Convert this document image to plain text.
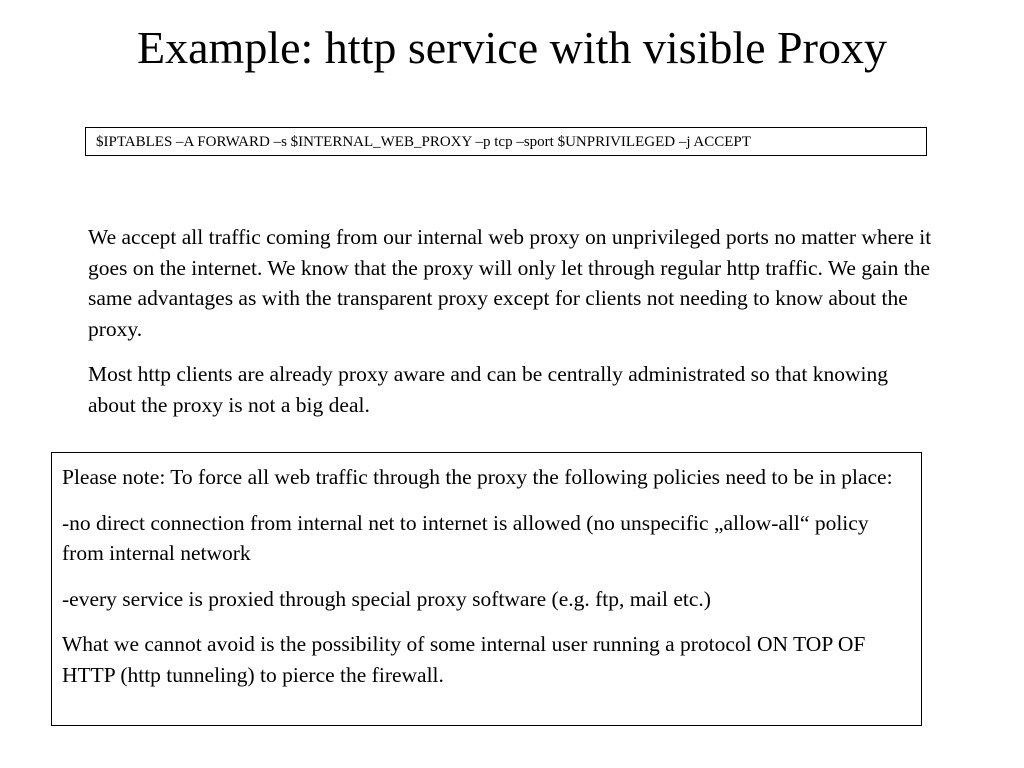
Example: http service with visible Proxy
$IPTABLES –A FORWARD –s $INTERNAL_WEB_PROXY –p tcp –sport $UNPRIVILEGED –j ACCEPT

We accept all traffic coming from our internal web proxy on unprivileged ports no matter where it goes on the internet. We know that the proxy will only let through regular http traffic. We gain the same advantages as with the transparent proxy except for clients not needing to know about the proxy.

Most http clients are already proxy aware and can be centrally administrated so that knowing about the proxy is not a big deal.

Please note: To force all web traffic through the proxy the following policies need to be in place:

-no direct connection from internal net to internet is allowed (no unspecific „allow-all“ policy from internal network

-every service is proxied through special proxy software (e.g. ftp, mail etc.)

What we cannot avoid is the possibility of some internal user running a protocol ON TOP OF HTTP (http tunneling) to pierce the firewall.
